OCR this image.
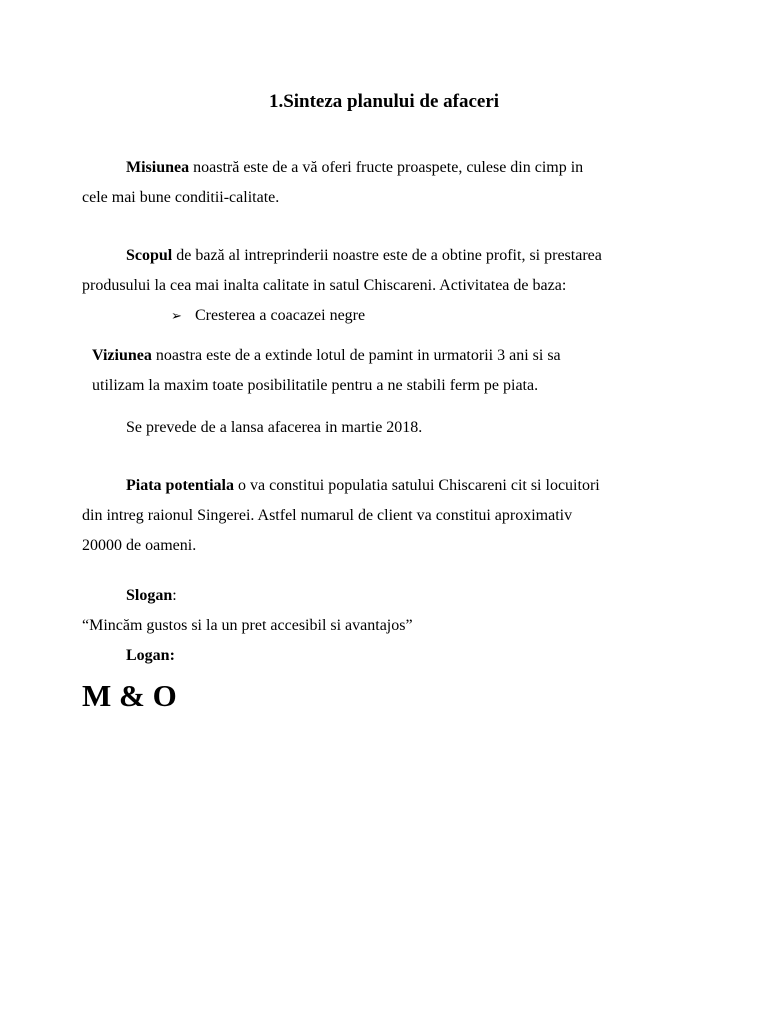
1.Sinteza planului de afaceri
Misiunea noastră este de a vă oferi fructe proaspete, culese din cimp in
cele mai bune conditii-calitate.
Scopul de bază al intreprinderii noastre este de a obtine profit, si prestarea
produsului la cea mai inalta calitate in satul Chiscareni. Activitatea de baza:
➢ Cresterea a coacazei negre
Viziunea noastra este de a extinde lotul de pamint in urmatorii 3 ani si sa
utilizam la maxim toate posibilitatile pentru a ne stabili ferm pe piata.
Se prevede de a lansa afacerea in martie 2018.
Piata potentiala o va constitui populatia satului Chiscareni cit si locuitori
din intreg raionul Singerei. Astfel numarul de client va constitui aproximativ
20000 de oameni.
Slogan:
“Mincăm gustos si la un pret accesibil si avantajos”
Logan:
M & O
